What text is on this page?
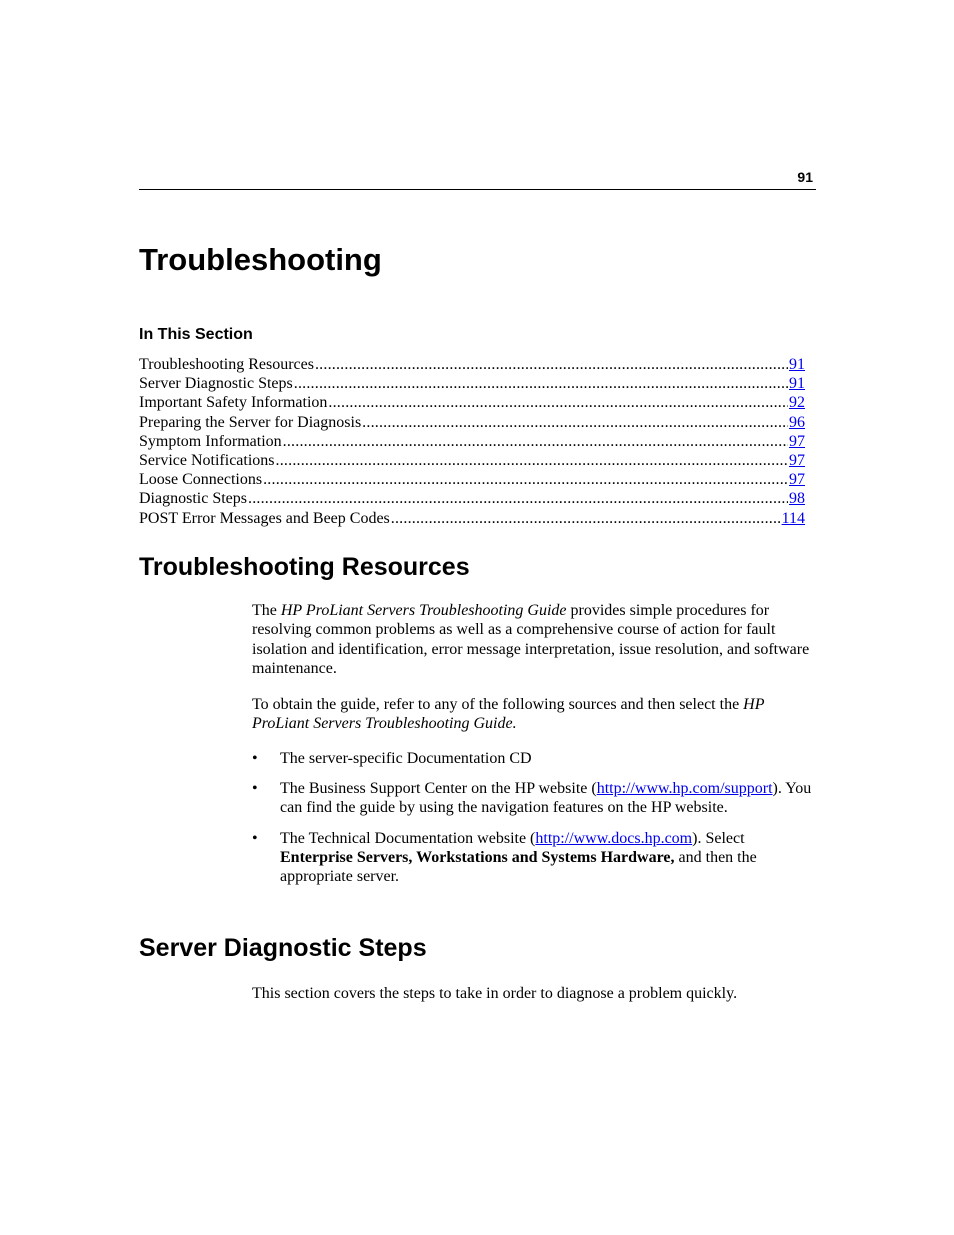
91
Troubleshooting
In This Section
Troubleshooting Resources .....	91
Server Diagnostic Steps .....	91
Important Safety Information .....	92
Preparing the Server for Diagnosis .....	96
Symptom Information .....	97
Service Notifications .....	97
Loose Connections .....	97
Diagnostic Steps .....	98
POST Error Messages and Beep Codes .....	114
Troubleshooting Resources

The HP ProLiant Servers Troubleshooting Guide provides simple procedures for resolving common problems as well as a comprehensive course of action for fault isolation and identification, error message interpretation, issue resolution, and software maintenance.

To obtain the guide, refer to any of the following sources and then select the HP ProLiant Servers Troubleshooting Guide.

• The server-specific Documentation CD
• The Business Support Center on the HP website (http://www.hp.com/support). You can find the guide by using the navigation features on the HP website.
• The Technical Documentation website (http://www.docs.hp.com). Select Enterprise Servers, Workstations and Systems Hardware, and then the appropriate server.
Server Diagnostic Steps

This section covers the steps to take in order to diagnose a problem quickly.
